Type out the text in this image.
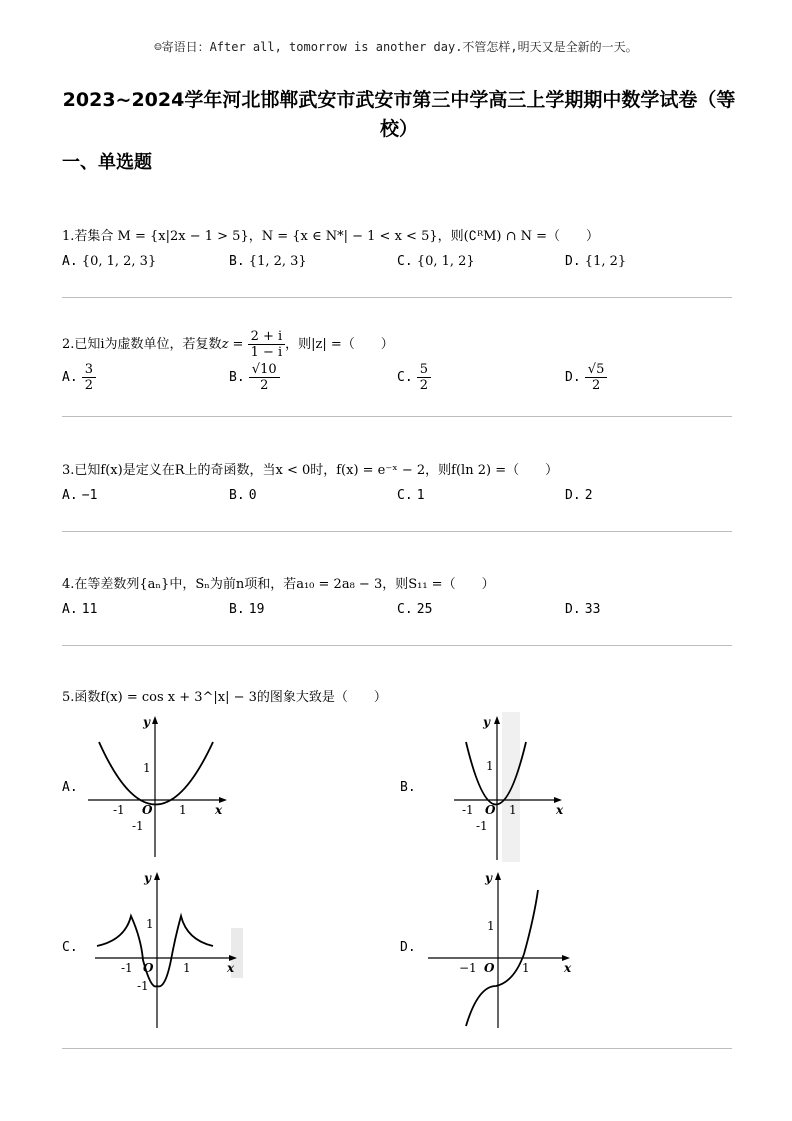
☺寄语日：After all, tomorrow is another day.不管怎样,明天又是全新的一天。
2023~2024学年河北邯郸武安市武安市第三中学高三上学期期中数学试卷（等校）
一、单选题
1.若集合 M = {x|2x − 1 > 5}，N = {x ∈ N*| − 1 < x < 5}，则(∁ᴿM) ∩ N =（　　）
A. {0, 1, 2, 3}	B. {1, 2, 3}	C. {0, 1, 2}	D. {1, 2}
2.已知i为虚数单位，若复数$z = \frac{2 + i}{1 - i}$ ，则|z| =（　　）
A. $\frac{3}{2}$	B. $\frac{√10}{2}$	C. $\frac{5}{2}$	D. $\frac{√5}{2}$
3.已知f(x)是定义在R上的奇函数，当x < 0时，f(x) = e⁻ˣ − 2，则f(ln 2) =（　　）
A. −1	B. 0	C. 1	D. 2
4.在等差数列{aₙ}中，Sₙ为前n项和，若a₁₀ = 2a₈ − 3，则S₁₁ =（　　）
A. 11	B. 19	C. 25	D. 33
5.函数f(x) = cos x + 3^|x| − 3的图象大致是（　　）
A.	B.
C.	D.
y
x
O
1
1
-1
-1
y
x
O
1
1
-1
-1
y
x
O
1
1
-1
-1
y
x
O
1
1
−1
